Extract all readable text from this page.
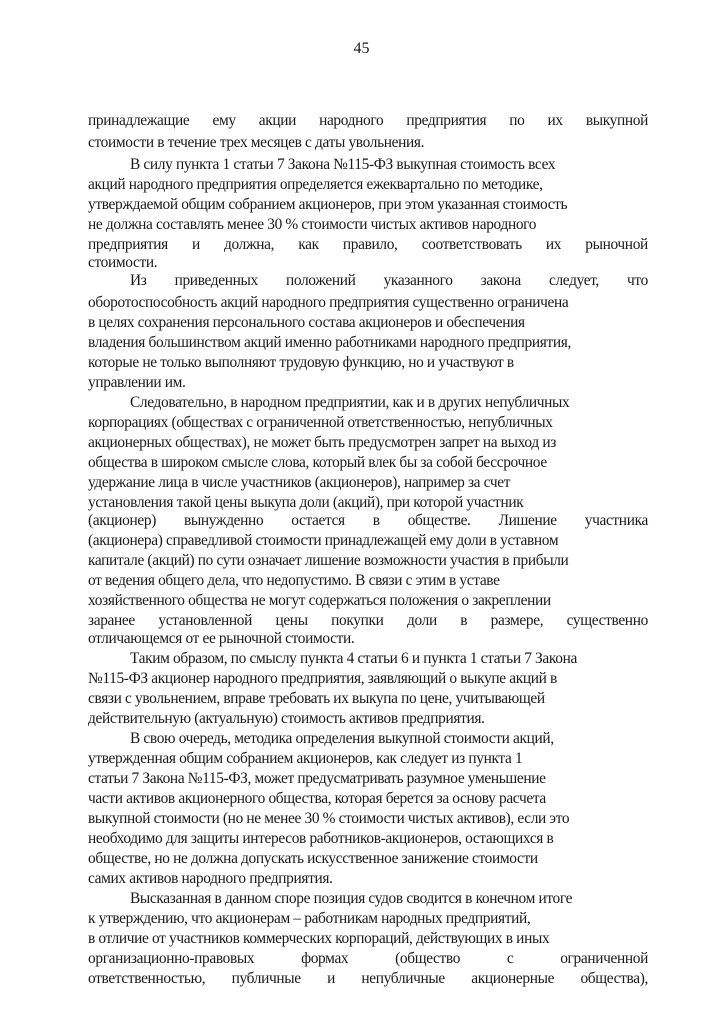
45
принадлежащие ему акции народного предприятия по их выкупной
стоимости в течение трех месяцев с даты увольнения.
В силу пункта 1 статьи 7 Закона №115-ФЗ выкупная стоимость всех
акций народного предприятия определяется ежеквартально по методике,
утверждаемой общим собранием акционеров, при этом указанная стоимость
не должна составлять менее 30 % стоимости чистых активов народного
предприятия и должна, как правило, соответствовать их рыночной
стоимости.
Из приведенных положений указанного закона следует, что
оборотоспособность акций народного предприятия существенно ограничена
в целях сохранения персонального состава акционеров и обеспечения
владения большинством акций именно работниками народного предприятия,
которые не только выполняют трудовую функцию, но и участвуют в
управлении им.
Следовательно, в народном предприятии, как и в других непубличных
корпорациях (обществах с ограниченной ответственностью, непубличных
акционерных обществах), не может быть предусмотрен запрет на выход из
общества в широком смысле слова, который влек бы за собой бессрочное
удержание лица в числе участников (акционеров), например за счет
установления такой цены выкупа доли (акций), при которой участник
(акционер) вынужденно остается в обществе. Лишение участника
(акционера) справедливой стоимости принадлежащей ему доли в уставном
капитале (акций) по сути означает лишение возможности участия в прибыли
от ведения общего дела, что недопустимо. В связи с этим в уставе
хозяйственного общества не могут содержаться положения о закреплении
заранее установленной цены покупки доли в размере, существенно
отличающемся от ее рыночной стоимости.
Таким образом, по смыслу пункта 4 статьи 6 и пункта 1 статьи 7 Закона
№115-ФЗ акционер народного предприятия, заявляющий о выкупе акций в
связи с увольнением, вправе требовать их выкупа по цене, учитывающей
действительную (актуальную) стоимость активов предприятия.
В свою очередь, методика определения выкупной стоимости акций,
утвержденная общим собранием акционеров, как следует из пункта 1
статьи 7 Закона №115-ФЗ, может предусматривать разумное уменьшение
части активов акционерного общества, которая берется за основу расчета
выкупной стоимости (но не менее 30 % стоимости чистых активов), если это
необходимо для защиты интересов работников-акционеров, остающихся в
обществе, но не должна допускать искусственное занижение стоимости
самих активов народного предприятия.
Высказанная в данном споре позиция судов сводится в конечном итоге
к утверждению, что акционерам – работникам народных предприятий,
в отличие от участников коммерческих корпораций, действующих в иных
организационно-правовых	формах	(общество	с	ограниченной
ответственностью, публичные и непубличные акционерные общества),
